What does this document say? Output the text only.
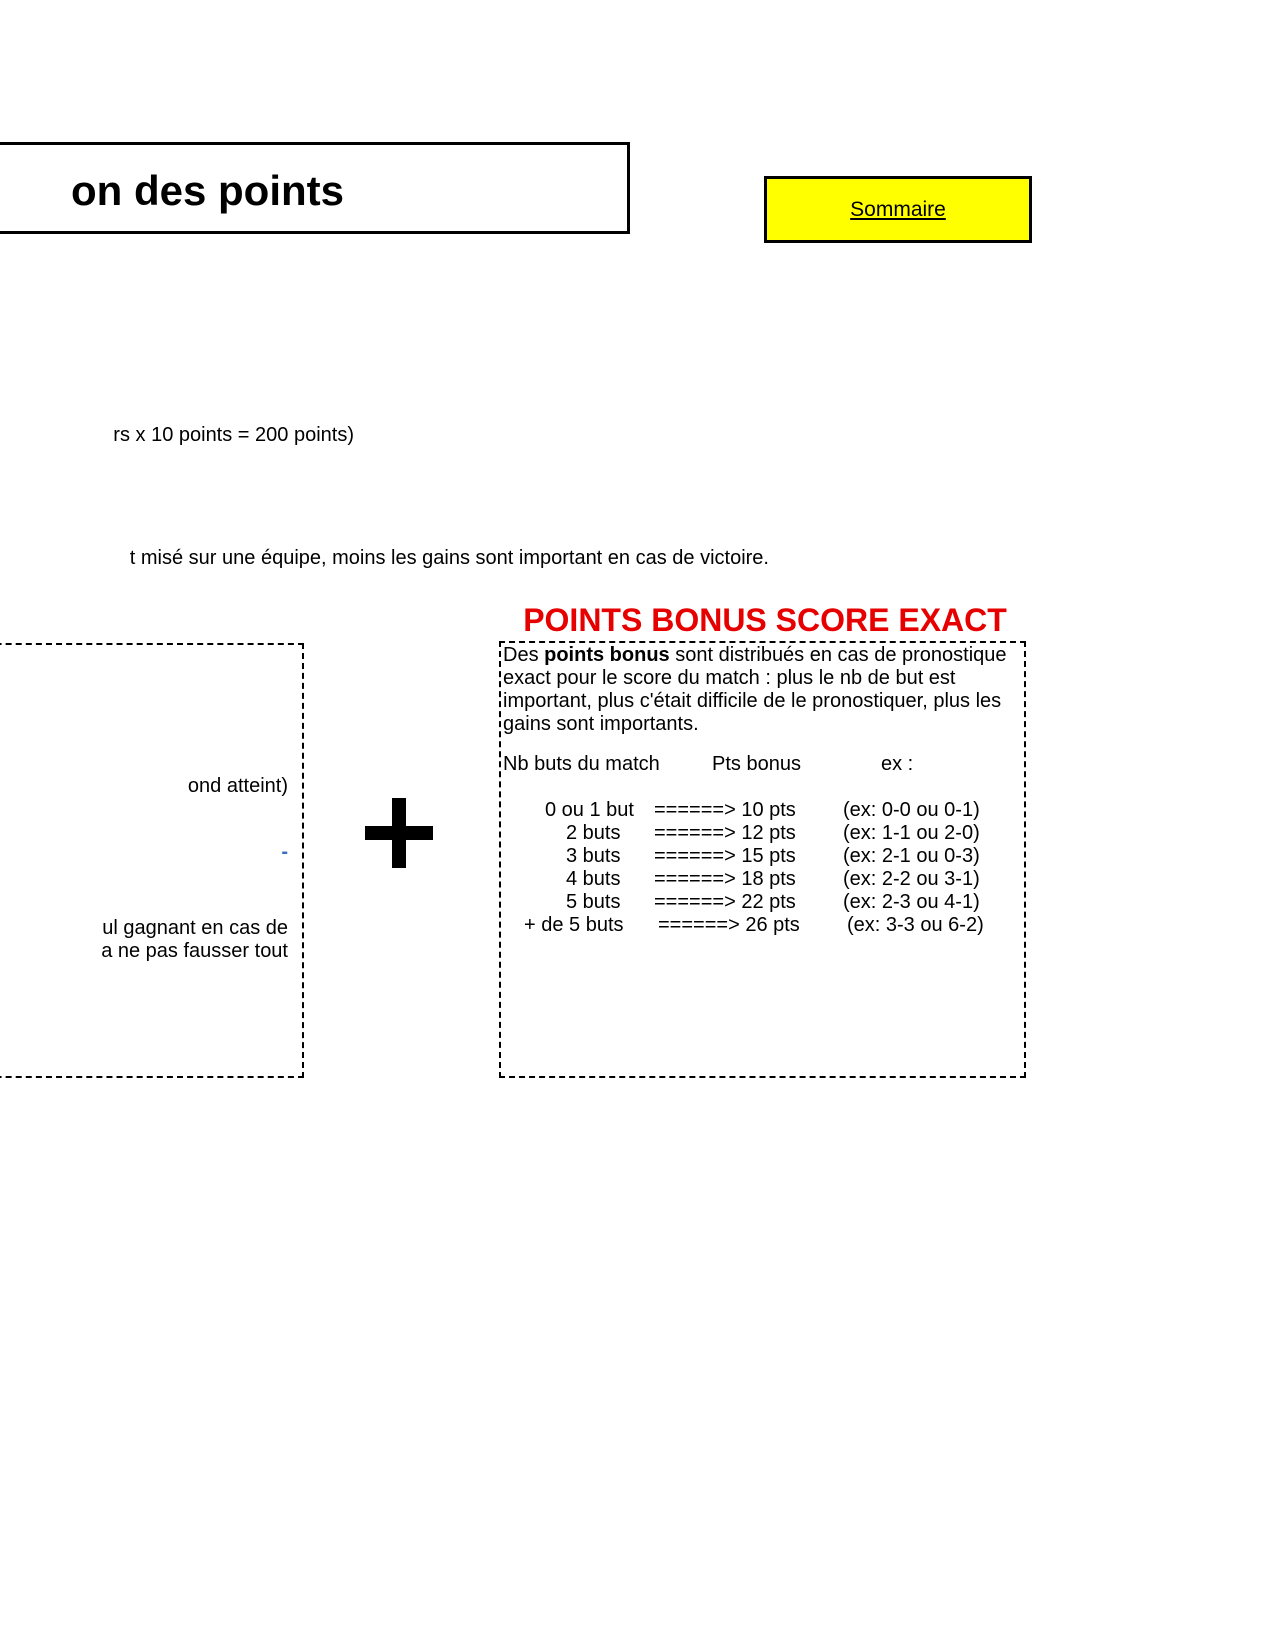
on des points	Sommaire
rs x 10 points = 200 points)
t misé sur une équipe, moins les gains sont important en cas de victoire.
ond atteint)
-
ul gagnant en cas de
a ne pas fausser tout
POINTS BONUS SCORE EXACT
Des points bonus sont distribués en cas de pronostique exact pour le score du match : plus le nb de but est important, plus c'était difficile de le pronostiquer, plus les gains sont importants.
Nb buts du match	Pts bonus	ex :
0 ou 1 but ======> 10 pts (ex: 0-0 ou 0-1)
2 buts ======> 12 pts (ex: 1-1 ou 2-0)
3 buts ======> 15 pts (ex: 2-1 ou 0-3)
4 buts ======> 18 pts (ex: 2-2 ou 3-1)
5 buts ======> 22 pts (ex: 2-3 ou 4-1)
+ de 5 buts ======> 26 pts (ex: 3-3 ou 6-2)
